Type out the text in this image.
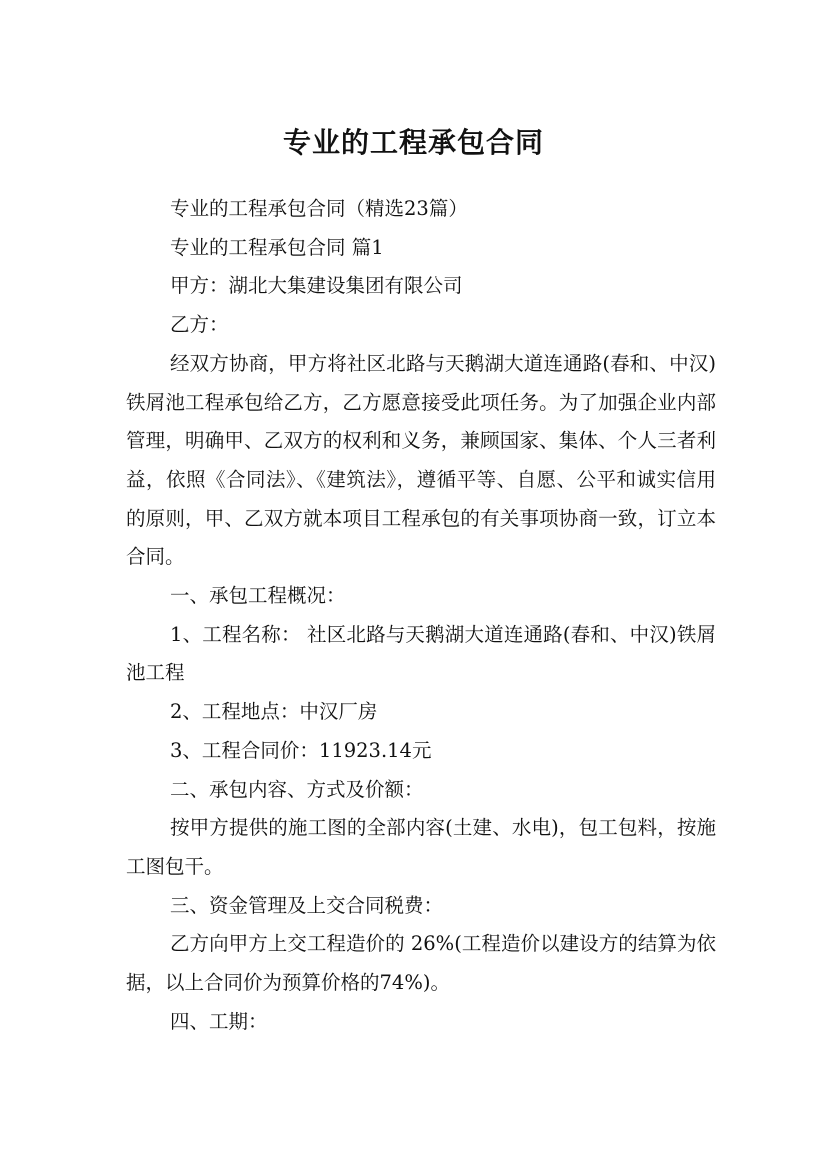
专业的工程承包合同

专业的工程承包合同（精选23篇）

专业的工程承包合同 篇1

甲方：湖北大集建设集团有限公司

乙方：

经双方协商，甲方将社区北路与天鹅湖大道连通路(春和、中汉)铁屑池工程承包给乙方，乙方愿意接受此项任务。为了加强企业内部管理，明确甲、乙双方的权利和义务，兼顾国家、集体、个人三者利益，依照《合同法》、《建筑法》，遵循平等、自愿、公平和诚实信用的原则，甲、乙双方就本项目工程承包的有关事项协商一致，订立本合同。

一、承包工程概况：

1、工程名称： 社区北路与天鹅湖大道连通路(春和、中汉)铁屑池工程

2、工程地点：中汉厂房

3、工程合同价：11923.14元

二、承包内容、方式及价额：

按甲方提供的施工图的全部内容(土建、水电)，包工包料，按施工图包干。

三、资金管理及上交合同税费：

乙方向甲方上交工程造价的 26%(工程造价以建设方的结算为依据，以上合同价为预算价格的74%)。

四、工期：
